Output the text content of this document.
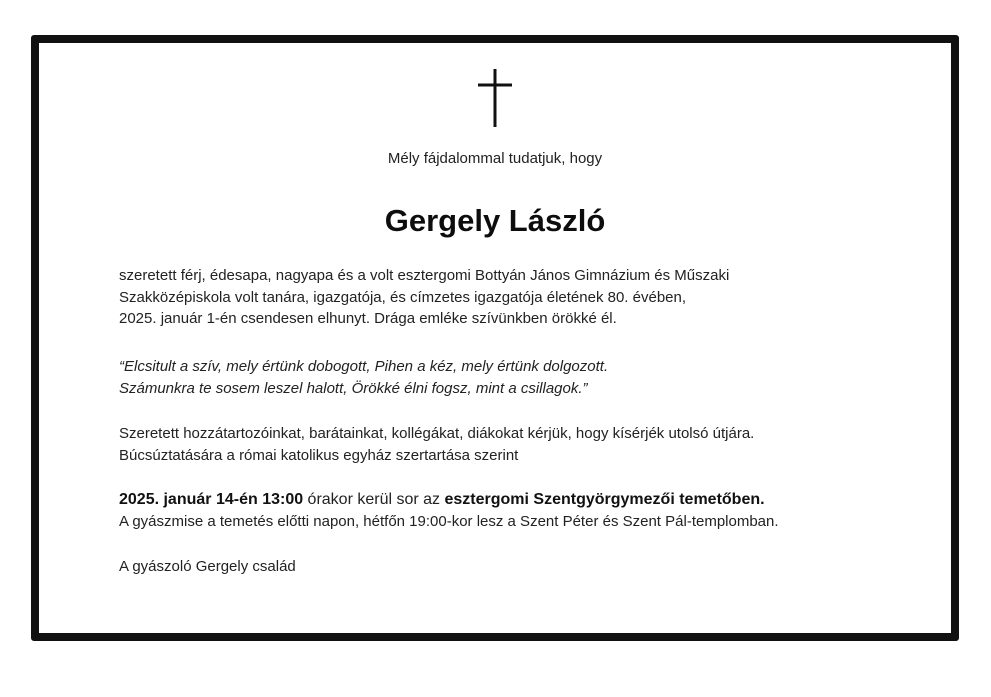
Mély fájdalommal tudatjuk, hogy
Gergely László
szeretett férj, édesapa, nagyapa és a volt esztergomi Bottyán János Gimnázium és Műszaki
Szakközépiskola volt tanára, igazgatója, és címzetes igazgatója életének 80. évében,
2025. január 1-én csendesen elhunyt. Drága emléke szívünkben örökké él.
“Elcsitult a szív, mely értünk dobogott, Pihen a kéz, mely értünk dolgozott.
Számunkra te sosem leszel halott, Örökké élni fogsz, mint a csillagok.”
Szeretett hozzátartozóinkat, barátainkat, kollégákat, diákokat kérjük, hogy kísérjék utolsó útjára.
Búcsúztatására a római katolikus egyház szertartása szerint
2025. január 14-én 13:00 órakor kerül sor az esztergomi Szentgyörgymezői temetőben.
A gyászmise a temetés előtti napon, hétfőn 19:00-kor lesz a Szent Péter és Szent Pál-templomban.
A gyászoló Gergely család
